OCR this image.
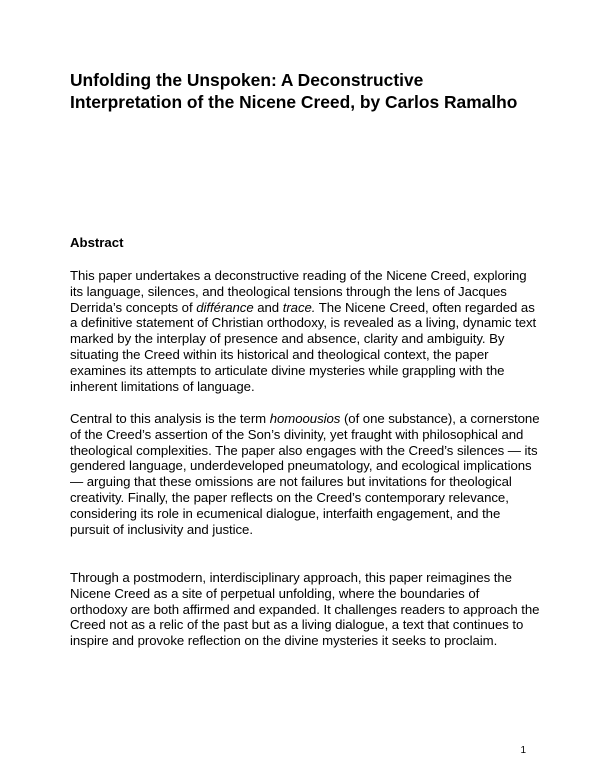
Unfolding the Unspoken: A Deconstructive
Interpretation of the Nicene Creed, by Carlos Ramalho
Abstract

This paper undertakes a deconstructive reading of the Nicene Creed, exploring its language, silences, and theological tensions through the lens of Jacques Derrida’s concepts of différance and trace. The Nicene Creed, often regarded as a definitive statement of Christian orthodoxy, is revealed as a living, dynamic text marked by the interplay of presence and absence, clarity and ambiguity. By situating the Creed within its historical and theological context, the paper examines its attempts to articulate divine mysteries while grappling with the inherent limitations of language.

Central to this analysis is the term homoousios (of one substance), a cornerstone of the Creed’s assertion of the Son’s divinity, yet fraught with philosophical and theological complexities. The paper also engages with the Creed’s silences — its gendered language, underdeveloped pneumatology, and ecological implications — arguing that these omissions are not failures but invitations for theological creativity. Finally, the paper reflects on the Creed’s contemporary relevance, considering its role in ecumenical dialogue, interfaith engagement, and the pursuit of inclusivity and justice.

Through a postmodern, interdisciplinary approach, this paper reimagines the Nicene Creed as a site of perpetual unfolding, where the boundaries of orthodoxy are both affirmed and expanded. It challenges readers to approach the Creed not as a relic of the past but as a living dialogue, a text that continues to inspire and provoke reflection on the divine mysteries it seeks to proclaim.

1
